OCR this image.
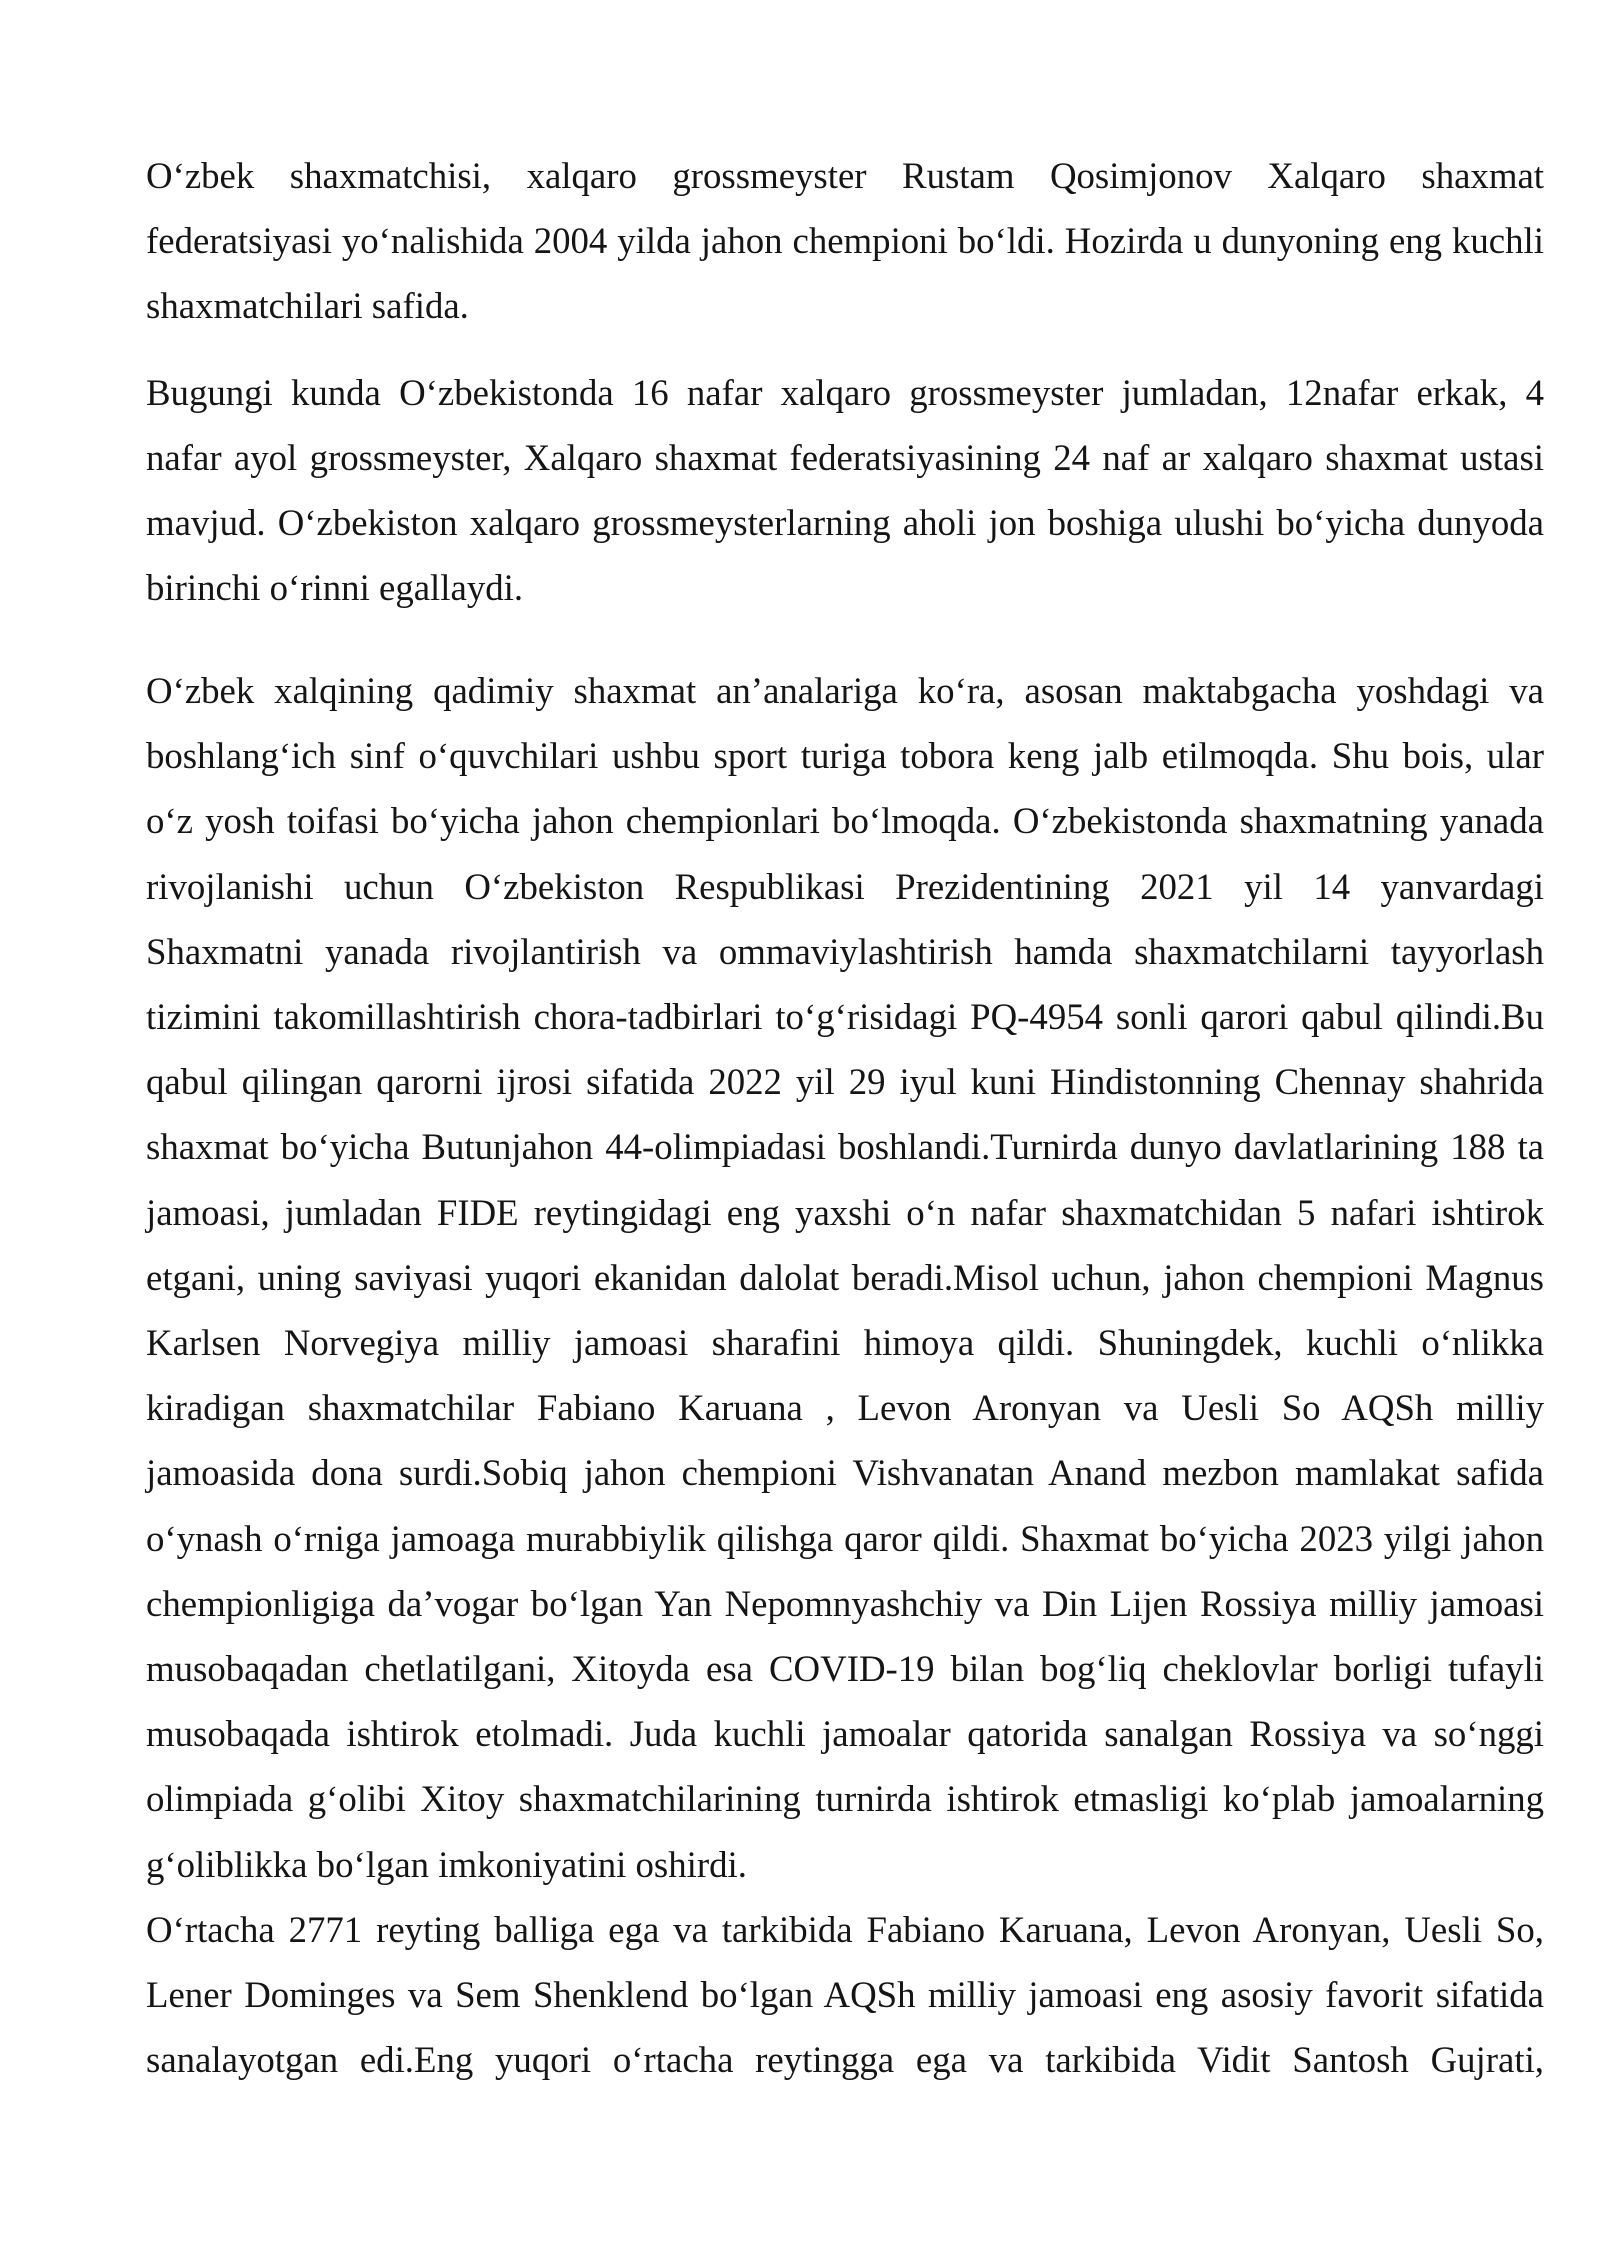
O‘zbek shaxmatchisi, xalqaro grossmeyster Rustam Qosimjonov Xalqaro shaxmat
federatsiyasi yo‘nalishida 2004 yilda jahon chempioni bo‘ldi. Hozirda u dunyoning eng kuchli
shaxmatchilari safida.
Bugungi kunda O‘zbekistonda 16 nafar xalqaro grossmeyster jumladan, 12nafar erkak, 4
nafar ayol grossmeyster, Xalqaro shaxmat federatsiyasining 24 naf ar xalqaro shaxmat ustasi
mavjud. O‘zbekiston xalqaro grossmeysterlarning aholi jon boshiga ulushi bo‘yicha dunyoda
birinchi o‘rinni egallaydi.
O‘zbek xalqining qadimiy shaxmat an’analariga ko‘ra, asosan maktabgacha yoshdagi va
boshlang‘ich sinf o‘quvchilari ushbu sport turiga tobora keng jalb etilmoqda. Shu bois, ular
o‘z yosh toifasi bo‘yicha jahon chempionlari bo‘lmoqda. O‘zbekistonda shaxmatning yanada
rivojlanishi uchun O‘zbekiston Respublikasi Prezidentining 2021 yil 14 yanvardagi
Shaxmatni yanada rivojlantirish va ommaviylashtirish hamda shaxmatchilarni tayyorlash
tizimini takomillashtirish chora-tadbirlari to‘g‘risidagi PQ-4954 sonli qarori qabul qilindi.Bu
qabul qilingan qarorni ijrosi sifatida 2022 yil 29 iyul kuni Hindistonning Chennay shahrida
shaxmat bo‘yicha Butunjahon 44-olimpiadasi boshlandi.Turnirda dunyo davlatlarining 188 ta
jamoasi, jumladan FIDE reytingidagi eng yaxshi o‘n nafar shaxmatchidan 5 nafari ishtirok
etgani, uning saviyasi yuqori ekanidan dalolat beradi.Misol uchun, jahon chempioni Magnus
Karlsen Norvegiya milliy jamoasi sharafini himoya qildi. Shuningdek, kuchli o‘nlikka
kiradigan shaxmatchilar Fabiano Karuana , Levon Aronyan va Uesli So AQSh milliy
jamoasida dona surdi.Sobiq jahon chempioni Vishvanatan Anand mezbon mamlakat safida
o‘ynash o‘rniga jamoaga murabbiylik qilishga qaror qildi. Shaxmat bo‘yicha 2023 yilgi jahon
chempionligiga da’vogar bo‘lgan Yan Nepomnyashchiy va Din Lijen Rossiya milliy jamoasi
musobaqadan chetlatilgani, Xitoyda esa COVID-19 bilan bog‘liq cheklovlar borligi tufayli
musobaqada ishtirok etolmadi. Juda kuchli jamoalar qatorida sanalgan Rossiya va so‘nggi
olimpiada g‘olibi Xitoy shaxmatchilarining turnirda ishtirok etmasligi ko‘plab jamoalarning
g‘oliblikka bo‘lgan imkoniyatini oshirdi.
O‘rtacha 2771 reyting balliga ega va tarkibida Fabiano Karuana, Levon Aronyan, Uesli So,
Lener Dominges va Sem Shenklend bo‘lgan AQSh milliy jamoasi eng asosiy favorit sifatida
sanalayotgan edi.Eng yuqori o‘rtacha reytingga ega va tarkibida Vidit Santosh Gujrati,
